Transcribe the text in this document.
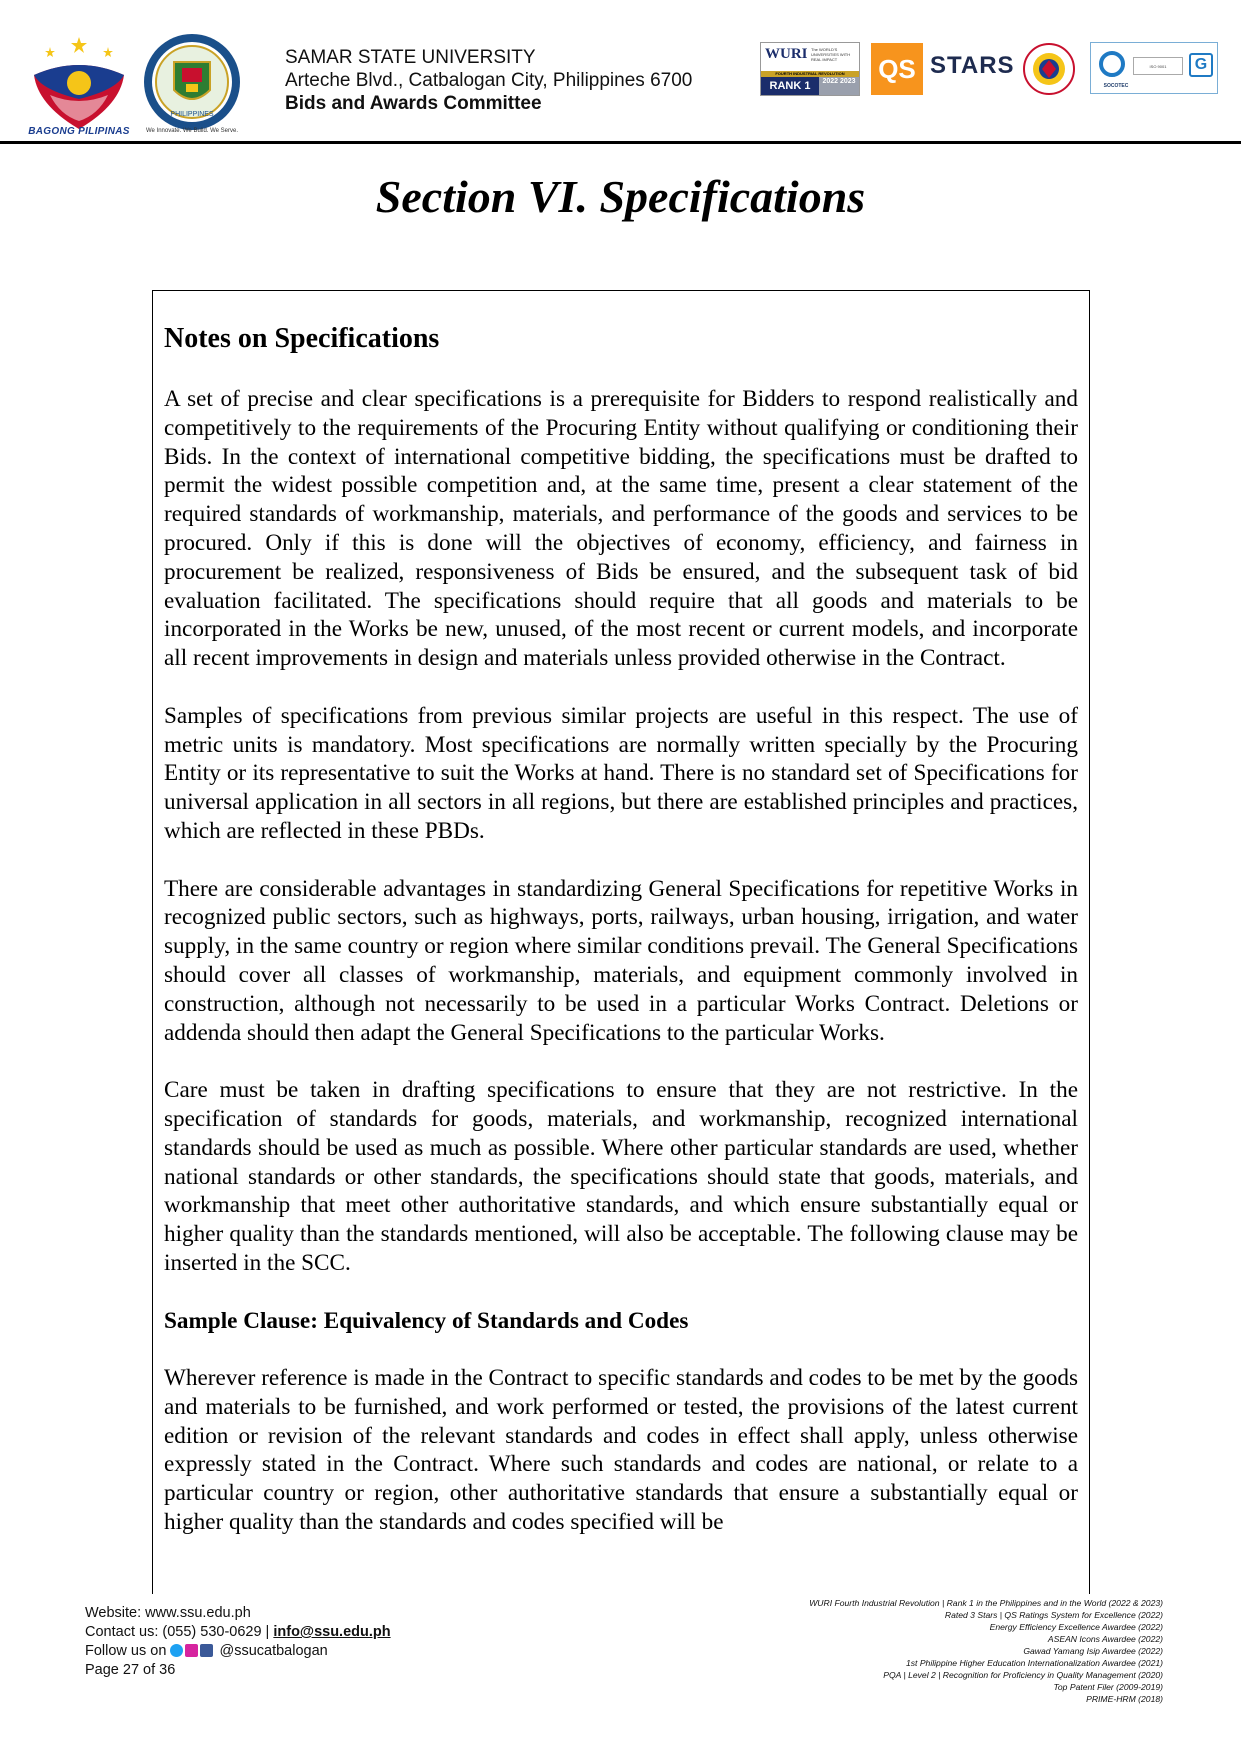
BAGONG PILIPINAS
PHILIPPINES
We Innovate. We Build. We Serve.
SAMAR STATE UNIVERSITY
Arteche Blvd., Catbalogan City, Philippines 6700
Bids and Awards Committee
WURI The WORLD'S UNIVERSITIES WITH REAL IMPACT
FOURTH INDUSTRIAL REVOLUTION
RANK 1	2022 2023 QS STARS	ISO 9001	G
SOCOTEC
Section VI. Specifications
Notes on Specifications

A set of precise and clear specifications is a prerequisite for Bidders to respond realistically and competitively to the requirements of the Procuring Entity without qualifying or conditioning their Bids. In the context of international competitive bidding, the specifications must be drafted to permit the widest possible competition and, at the same time, present a clear statement of the required standards of workmanship, materials, and performance of the goods and services to be procured. Only if this is done will the objectives of economy, efficiency, and fairness in procurement be realized, responsiveness of Bids be ensured, and the subsequent task of bid evaluation facilitated. The specifications should require that all goods and materials to be incorporated in the Works be new, unused, of the most recent or current models, and incorporate all recent improvements in design and materials unless provided otherwise in the Contract.

Samples of specifications from previous similar projects are useful in this respect. The use of metric units is mandatory. Most specifications are normally written specially by the Procuring Entity or its representative to suit the Works at hand. There is no standard set of Specifications for universal application in all sectors in all regions, but there are established principles and practices, which are reflected in these PBDs.

There are considerable advantages in standardizing General Specifications for repetitive Works in recognized public sectors, such as highways, ports, railways, urban housing, irrigation, and water supply, in the same country or region where similar conditions prevail. The General Specifications should cover all classes of workmanship, materials, and equipment commonly involved in construction, although not necessarily to be used in a particular Works Contract. Deletions or addenda should then adapt the General Specifications to the particular Works.

Care must be taken in drafting specifications to ensure that they are not restrictive. In the specification of standards for goods, materials, and workmanship, recognized international standards should be used as much as possible. Where other particular standards are used, whether national standards or other standards, the specifications should state that goods, materials, and workmanship that meet other authoritative standards, and which ensure substantially equal or higher quality than the standards mentioned, will also be acceptable. The following clause may be inserted in the SCC.

Sample Clause: Equivalency of Standards and Codes

Wherever reference is made in the Contract to specific standards and codes to be met by the goods and materials to be furnished, and work performed or tested, the provisions of the latest current edition or revision of the relevant standards and codes in effect shall apply, unless otherwise expressly stated in the Contract. Where such standards and codes are national, or relate to a particular country or region, other authoritative standards that ensure a substantially equal or higher quality than the standards and codes specified will be

Website: www.ssu.edu.ph
Contact us: (055) 530-0629 | info@ssu.edu.ph
Follow us on	@ssucatbalogan
Page 27 of 36
WURI Fourth Industrial Revolution | Rank 1 in the Philippines and in the World (2022 & 2023)
Rated 3 Stars | QS Ratings System for Excellence (2022)
Energy Efficiency Excellence Awardee (2022)
ASEAN Icons Awardee (2022)
Gawad Yamang Isip Awardee (2022)
1st Philippine Higher Education Internationalization Awardee (2021)
PQA | Level 2 | Recognition for Proficiency in Quality Management (2020)
Top Patent Filer (2009-2019)
PRIME-HRM (2018)
